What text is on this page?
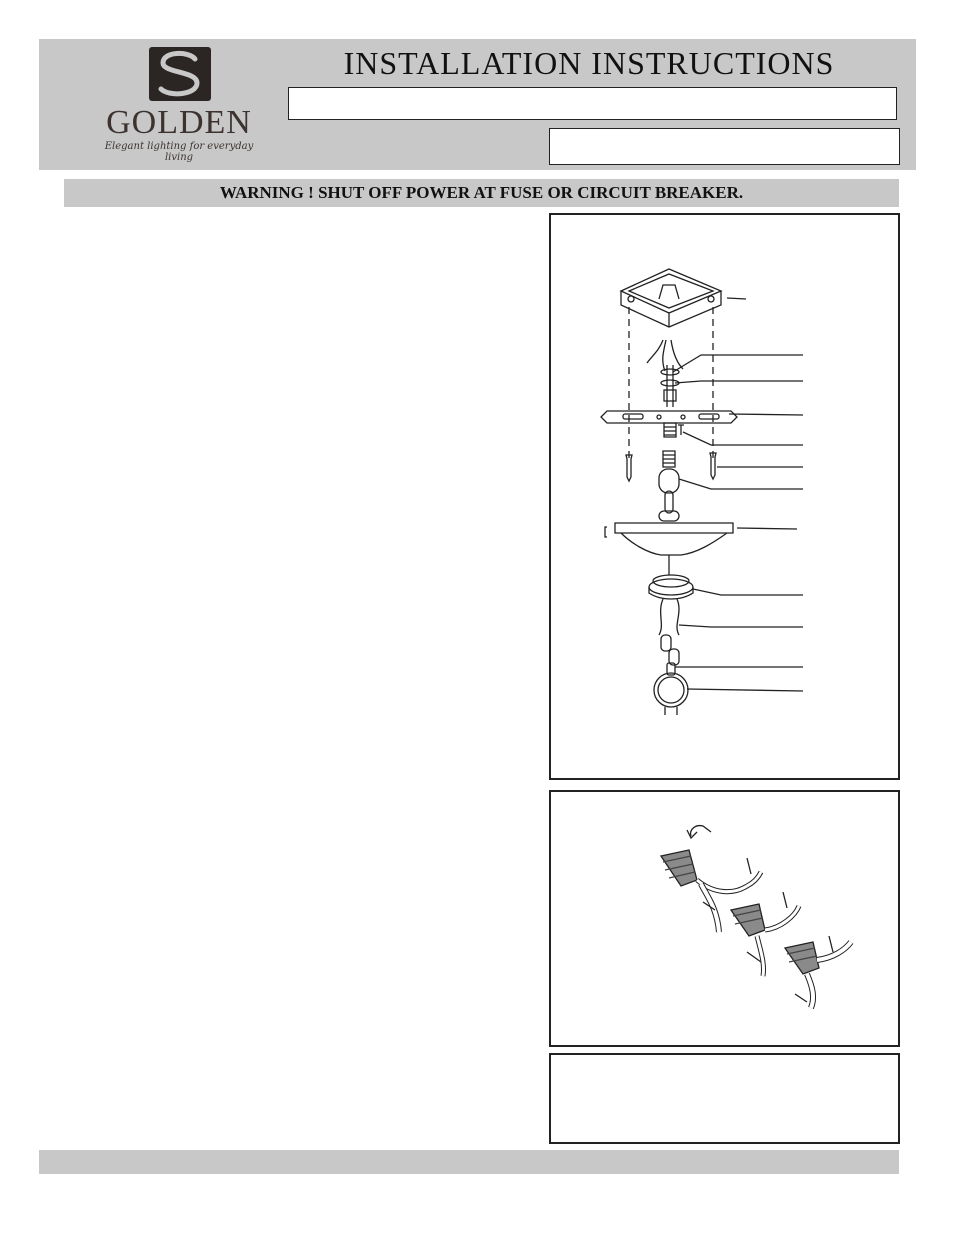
GOLDEN
Elegant lighting for everyday living
INSTALLATION INSTRUCTIONS
WARNING ! SHUT OFF POWER AT FUSE OR CIRCUIT BREAKER.
